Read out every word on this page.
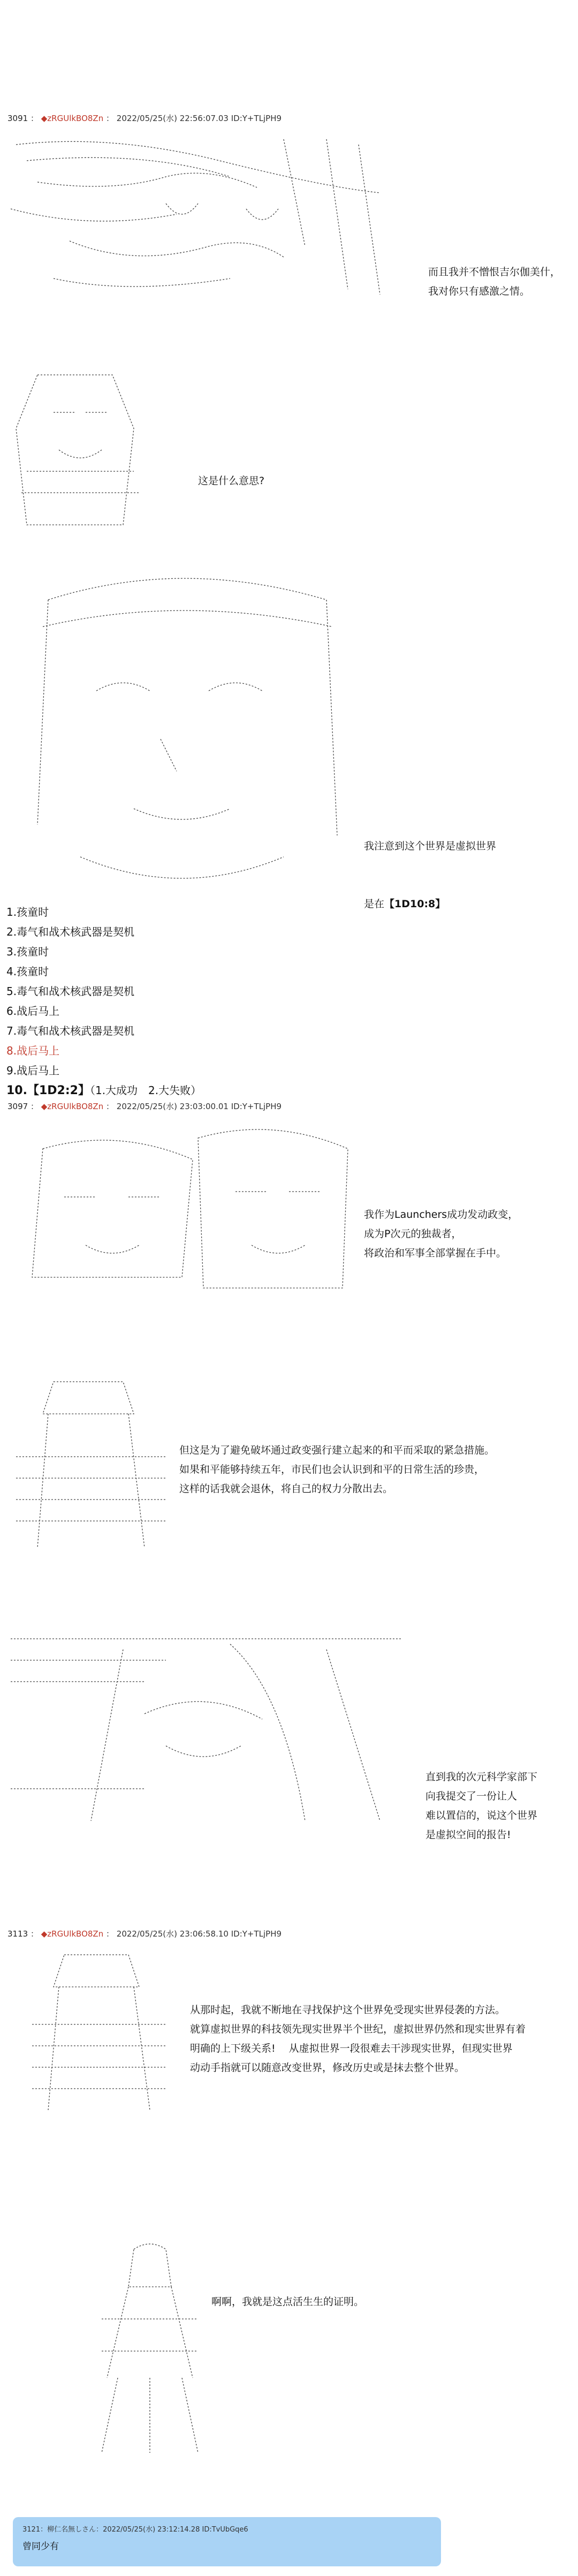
3091 ： ◆zRGUlkBO8Zn ： 2022/05/25(水) 22:56:07.03 ID:Y+TLjPH9
而且我并不憎恨吉尔伽美什，
我对你只有感激之情。
这是什么意思?

我注意到这个世界是虚拟世界

是在【1D10:8】

1.孩童时
2.毒气和战术核武器是契机
3.孩童时
4.孩童时
5.毒气和战术核武器是契机
6.战后马上
7.毒气和战术核武器是契机
8.战后马上
9.战后马上
10.【1D2:2】（1.大成功　2.大失败）
3097 ： ◆zRGUlkBO8Zn ： 2022/05/25(水) 23:03:00.01 ID:Y+TLjPH9
我作为Launchers成功发动政变，
成为P次元的独裁者，
将政治和军事全部掌握在手中。
但这是为了避免破坏通过政变强行建立起来的和平而采取的紧急措施。
如果和平能够持续五年，市民们也会认识到和平的日常生活的珍贵，
这样的话我就会退休，将自己的权力分散出去。
直到我的次元科学家部下
向我提交了一份让人
难以置信的，说这个世界
是虚拟空间的报告!
3113 ： ◆zRGUlkBO8Zn ： 2022/05/25(水) 23:06:58.10 ID:Y+TLjPH9
从那时起，我就不断地在寻找保护这个世界免受现实世界侵袭的方法。
就算虚拟世界的科技领先现实世界半个世纪，虚拟世界仍然和现实世界有着
明确的上下级关系!　 从虚拟世界一段很难去干涉现实世界，但现实世界
动动手指就可以随意改变世界，修改历史或是抹去整个世界。
啊啊，我就是这点活生生的证明。
3121：柳仁名無しさん：2022/05/25(水) 23:12:14.28 ID:TvUbGqe6
曾同少有
